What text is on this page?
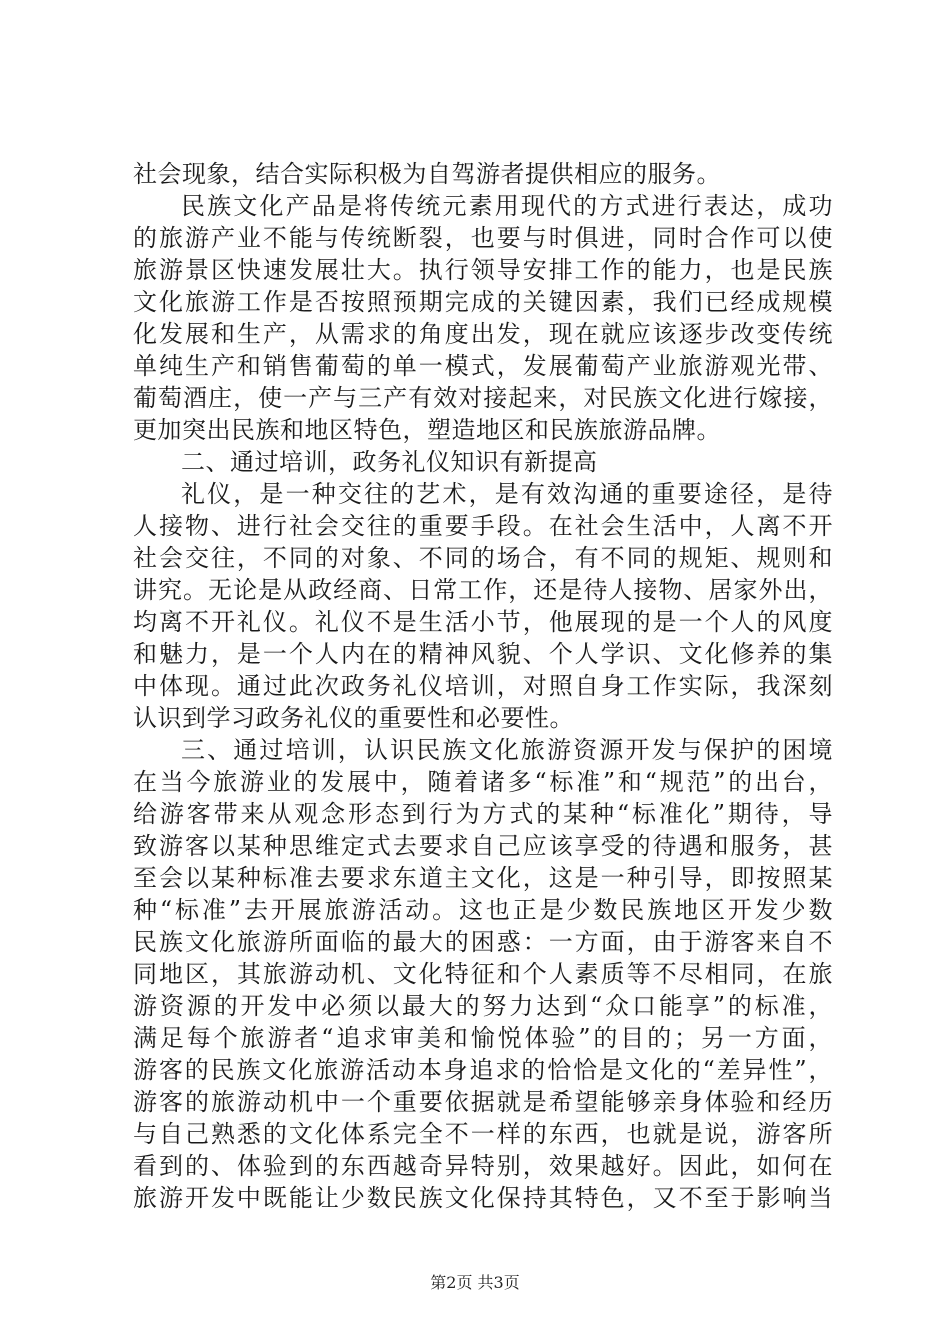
社会现象，结合实际积极为自驾游者提供相应的服务。
民族文化产品是将传统元素用现代的方式进行表达，成功
的旅游产业不能与传统断裂，也要与时俱进，同时合作可以使
旅游景区快速发展壮大。执行领导安排工作的能力，也是民族
文化旅游工作是否按照预期完成的关键因素，我们已经成规模
化发展和生产，从需求的角度出发，现在就应该逐步改变传统
单纯生产和销售葡萄的单一模式，发展葡萄产业旅游观光带、
葡萄酒庄，使一产与三产有效对接起来，对民族文化进行嫁接，
更加突出民族和地区特色，塑造地区和民族旅游品牌。
二、通过培训，政务礼仪知识有新提高
礼仪，是一种交往的艺术，是有效沟通的重要途径，是待
人接物、进行社会交往的重要手段。在社会生活中，人离不开
社会交往，不同的对象、不同的场合，有不同的规矩、规则和
讲究。无论是从政经商、日常工作，还是待人接物、居家外出，
均离不开礼仪。礼仪不是生活小节，他展现的是一个人的风度
和魅力，是一个人内在的精神风貌、个人学识、文化修养的集
中体现。通过此次政务礼仪培训，对照自身工作实际，我深刻
认识到学习政务礼仪的重要性和必要性。
三、通过培训，认识民族文化旅游资源开发与保护的困境
在当今旅游业的发展中，随着诸多“标准”和“规范”的出台，
给游客带来从观念形态到行为方式的某种“标准化”期待，导
致游客以某种思维定式去要求自己应该享受的待遇和服务，甚
至会以某种标准去要求东道主文化，这是一种引导，即按照某
种“标准”去开展旅游活动。这也正是少数民族地区开发少数
民族文化旅游所面临的最大的困惑：一方面，由于游客来自不
同地区，其旅游动机、文化特征和个人素质等不尽相同，在旅
游资源的开发中必须以最大的努力达到“众口能享”的标准，
满足每个旅游者“追求审美和愉悦体验”的目的；另一方面，
游客的民族文化旅游活动本身追求的恰恰是文化的“差异性”，
游客的旅游动机中一个重要依据就是希望能够亲身体验和经历
与自己熟悉的文化体系完全不一样的东西，也就是说，游客所
看到的、体验到的东西越奇异特别，效果越好。因此，如何在
旅游开发中既能让少数民族文化保持其特色，又不至于影响当
第2页 共3页
